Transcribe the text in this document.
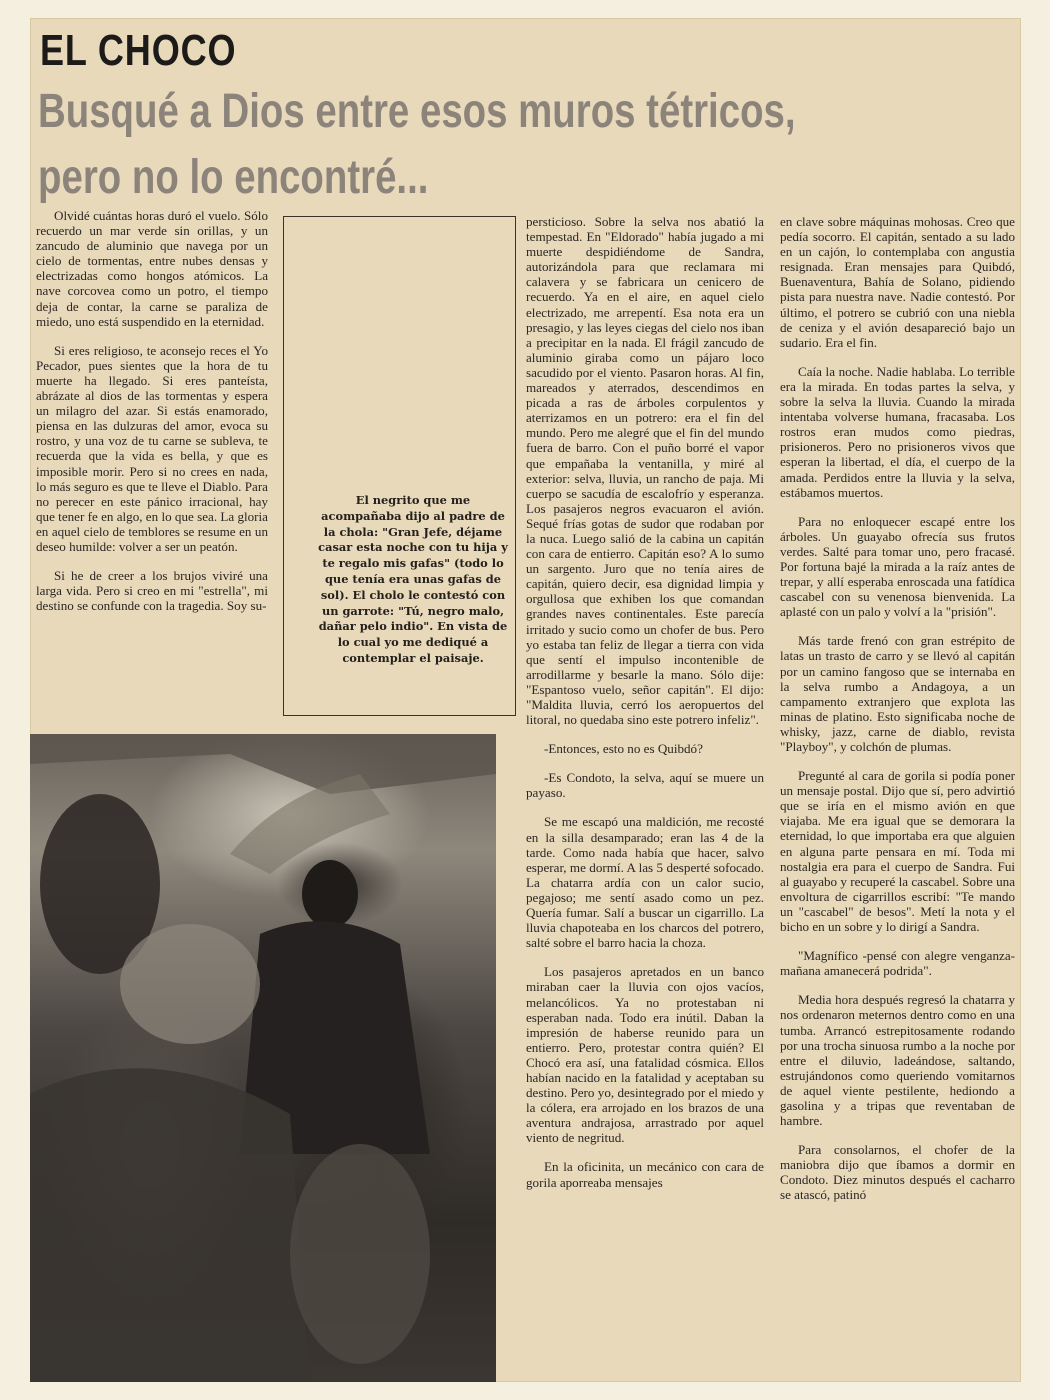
EL CHOCO
Busqué a Dios entre esos muros tétricos,
pero no lo encontré...

Olvidé cuántas horas duró el vuelo. Sólo recuerdo un mar verde sin orillas, y un zancudo de aluminio que navega por un cielo de tormentas, entre nubes densas y electrizadas como hongos atómicos. La nave corcovea como un potro, el tiempo deja de contar, la carne se paraliza de miedo, uno está suspendido en la eternidad.

Si eres religioso, te aconsejo reces el Yo Pecador, pues sientes que la hora de tu muerte ha llegado. Si eres panteísta, abrázate al dios de las tormentas y espera un milagro del azar. Si estás enamorado, piensa en las dulzuras del amor, evoca su rostro, y una voz de tu carne se subleva, te recuerda que la vida es bella, y que es imposible morir. Pero si no crees en nada, lo más seguro es que te lleve el Diablo. Para no perecer en este pánico irracional, hay que tener fe en algo, en lo que sea. La gloria en aquel cielo de temblores se resume en un deseo humilde: volver a ser un peatón.

Si he de creer a los brujos viviré una larga vida. Pero si creo en mi "estrella", mi destino se confunde con la tragedia. Soy su-

El negrito que me acompañaba dijo al padre de la chola: "Gran Jefe, déjame casar esta noche con tu hija y te regalo mis gafas" (todo lo que tenía era unas gafas de sol). El cholo le contestó con un garrote: "Tú, negro malo, dañar pelo indio". En vista de lo cual yo me dediqué a contemplar el paisaje.

persticioso. Sobre la selva nos abatió la tempestad. En "Eldorado" había jugado a mi muerte despidiéndome de Sandra, autorizándola para que reclamara mi calavera y se fabricara un cenicero de recuerdo. Ya en el aire, en aquel cielo electrizado, me arrepentí. Esa nota era un presagio, y las leyes ciegas del cielo nos iban a precipitar en la nada. El frágil zancudo de aluminio giraba como un pájaro loco sacudido por el viento. Pasaron horas. Al fin, mareados y aterrados, descendimos en picada a ras de árboles corpulentos y aterrizamos en un potrero: era el fin del mundo. Pero me alegré que el fin del mundo fuera de barro. Con el puño borré el vapor que empañaba la ventanilla, y miré al exterior: selva, lluvia, un rancho de paja. Mi cuerpo se sacudía de escalofrío y esperanza. Los pasajeros negros evacuaron el avión. Sequé frías gotas de sudor que rodaban por la nuca. Luego salió de la cabina un capitán con cara de entierro. Capitán eso? A lo sumo un sargento. Juro que no tenía aires de capitán, quiero decir, esa dignidad limpia y orgullosa que exhiben los que comandan grandes naves continentales. Este parecía irritado y sucio como un chofer de bus. Pero yo estaba tan feliz de llegar a tierra con vida que sentí el impulso incontenible de arrodillarme y besarle la mano. Sólo dije: "Espantoso vuelo, señor capitán". El dijo: "Maldita lluvia, cerró los aeropuertos del litoral, no quedaba sino este potrero infeliz".

-Entonces, esto no es Quibdó?

-Es Condoto, la selva, aquí se muere un payaso.

Se me escapó una maldición, me recosté en la silla desamparado; eran las 4 de la tarde. Como nada había que hacer, salvo esperar, me dormí. A las 5 desperté sofocado. La chatarra ardía con un calor sucio, pegajoso; me sentí asado como un pez. Quería fumar. Salí a buscar un cigarrillo. La lluvia chapoteaba en los charcos del potrero, salté sobre el barro hacia la choza.

Los pasajeros apretados en un banco miraban caer la lluvia con ojos vacíos, melancólicos. Ya no protestaban ni esperaban nada. Todo era inútil. Daban la impresión de haberse reunido para un entierro. Pero, protestar contra quién? El Chocó era así, una fatalidad cósmica. Ellos habían nacido en la fatalidad y aceptaban su destino. Pero yo, desintegrado por el miedo y la cólera, era arrojado en los brazos de una aventura andrajosa, arrastrado por aquel viento de negritud.

En la oficinita, un mecánico con cara de gorila aporreaba mensajes

en clave sobre máquinas mohosas. Creo que pedía socorro. El capitán, sentado a su lado en un cajón, lo contemplaba con angustia resignada. Eran mensajes para Quibdó, Buenaventura, Bahía de Solano, pidiendo pista para nuestra nave. Nadie contestó. Por último, el potrero se cubrió con una niebla de ceniza y el avión desapareció bajo un sudario. Era el fin.

Caía la noche. Nadie hablaba. Lo terrible era la mirada. En todas partes la selva, y sobre la selva la lluvia. Cuando la mirada intentaba volverse humana, fracasaba. Los rostros eran mudos como piedras, prisioneros. Pero no prisioneros vivos que esperan la libertad, el día, el cuerpo de la amada. Perdidos entre la lluvia y la selva, estábamos muertos.

Para no enloquecer escapé entre los árboles. Un guayabo ofrecía sus frutos verdes. Salté para tomar uno, pero fracasé. Por fortuna bajé la mirada a la raíz antes de trepar, y allí esperaba enroscada una fatídica cascabel con su venenosa bienvenida. La aplasté con un palo y volví a la "prisión".

Más tarde frenó con gran estrépito de latas un trasto de carro y se llevó al capitán por un camino fangoso que se internaba en la selva rumbo a Andagoya, a un campamento extranjero que explota las minas de platino. Esto significaba noche de whisky, jazz, carne de diablo, revista "Playboy", y colchón de plumas.

Pregunté al cara de gorila si podía poner un mensaje postal. Dijo que sí, pero advirtió que se iría en el mismo avión en que viajaba. Me era igual que se demorara la eternidad, lo que importaba era que alguien en alguna parte pensara en mí. Toda mi nostalgia era para el cuerpo de Sandra. Fui al guayabo y recuperé la cascabel. Sobre una envoltura de cigarrillos escribí: "Te mando un "cascabel" de besos". Metí la nota y el bicho en un sobre y lo dirigí a Sandra.

"Magnífico -pensé con alegre venganza- mañana amanecerá podrida".

Media hora después regresó la chatarra y nos ordenaron meternos dentro como en una tumba. Arrancó estrepitosamente rodando por una trocha sinuosa rumbo a la noche por entre el diluvio, ladeándose, saltando, estrujándonos como queriendo vomitarnos de aquel viente pestilente, hediondo a gasolina y a tripas que reventaban de hambre.

Para consolarnos, el chofer de la maniobra dijo que íbamos a dormir en Condoto. Diez minutos después el cacharro se atascó, patinó
